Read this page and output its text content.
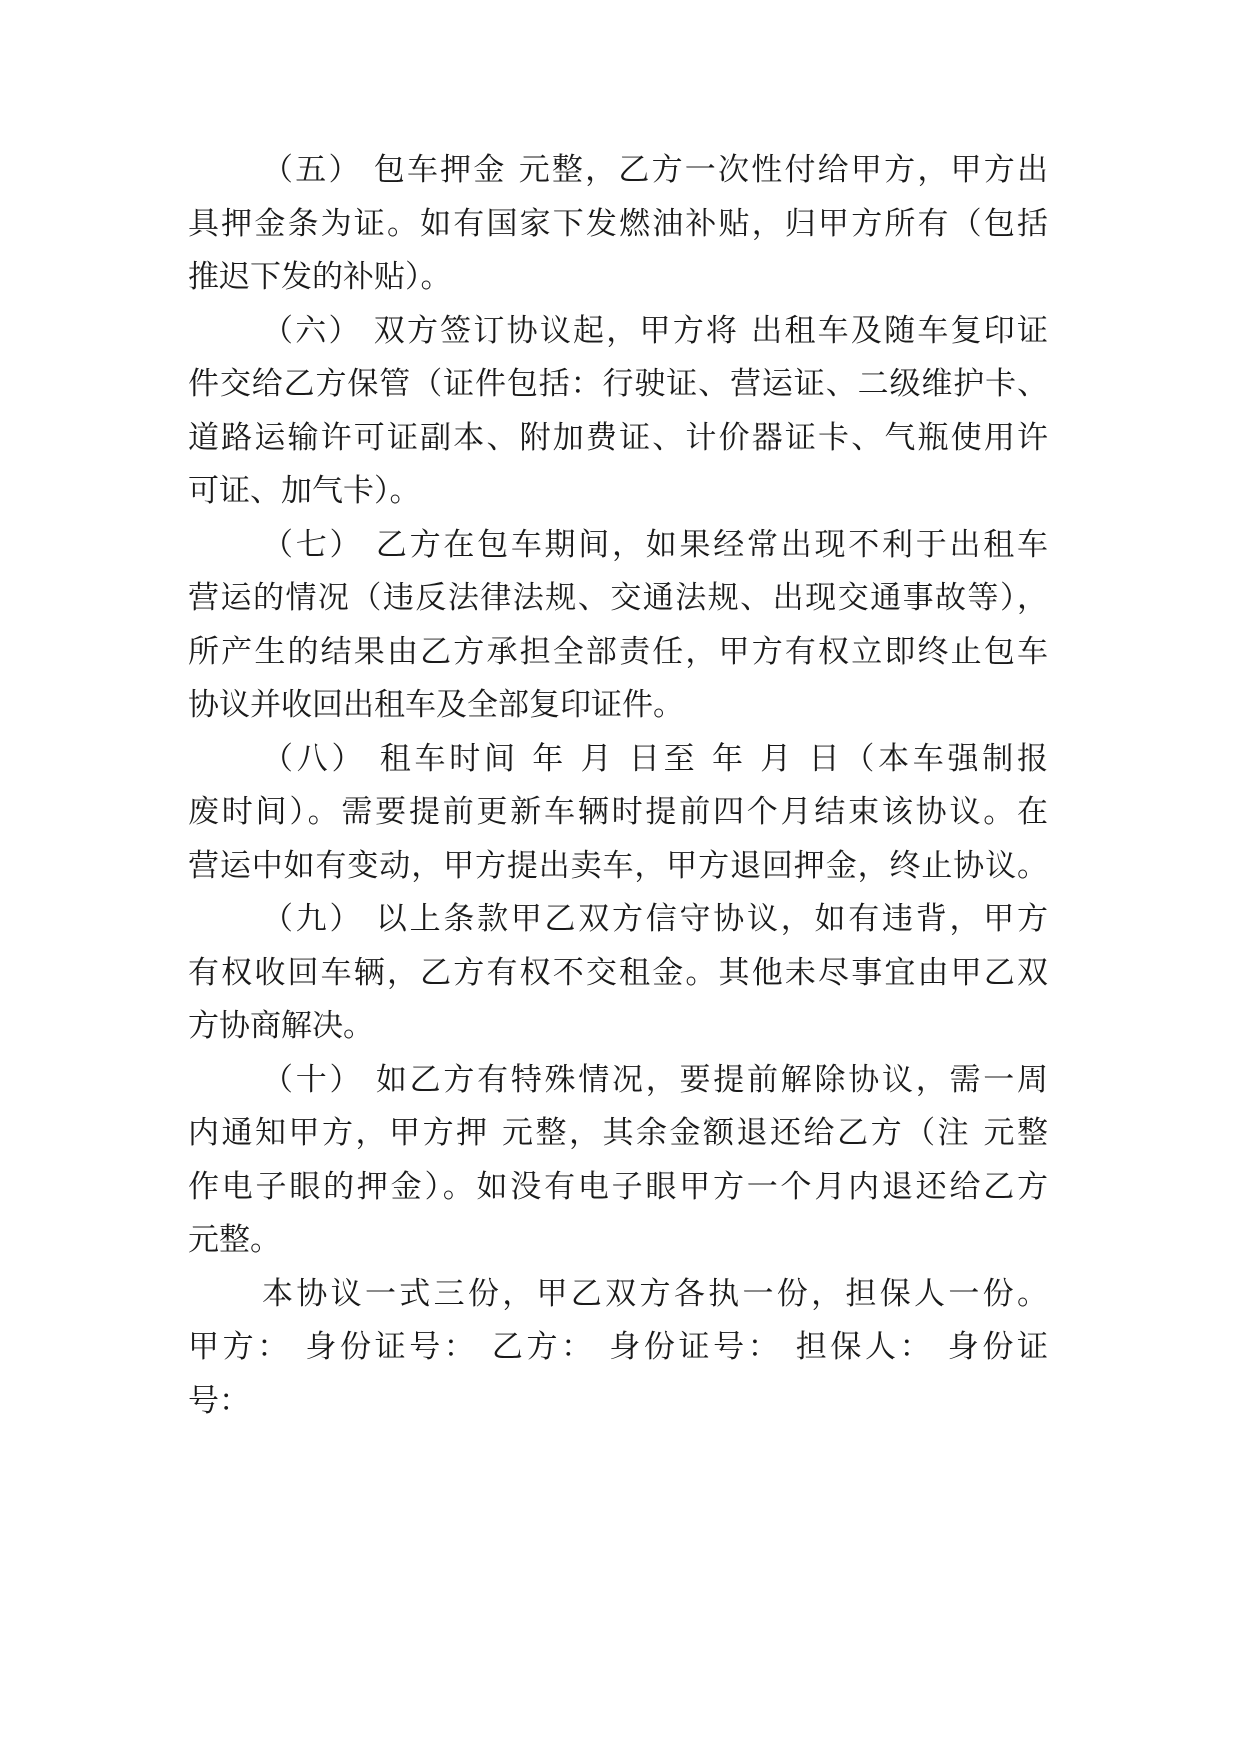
（五） 包车押金 元整，乙方一次性付给甲方，甲方出

具押金条为证。如有国家下发燃油补贴，归甲方所有（包括

推迟下发的补贴）。

（六） 双方签订协议起，甲方将 出租车及随车复印证

件交给乙方保管（证件包括：行驶证、营运证、二级维护卡、

道路运输许可证副本、附加费证、计价器证卡、气瓶使用许

可证、加气卡）。

（七） 乙方在包车期间，如果经常出现不利于出租车

营运的情况（违反法律法规、交通法规、出现交通事故等），

所产生的结果由乙方承担全部责任，甲方有权立即终止包车

协议并收回出租车及全部复印证件。

（八） 租车时间 年 月 日至 年 月 日（本车强制报

废时间）。需要提前更新车辆时提前四个月结束该协议。在

营运中如有变动，甲方提出卖车，甲方退回押金，终止协议。

（九） 以上条款甲乙双方信守协议，如有违背，甲方

有权收回车辆，乙方有权不交租金。其他未尽事宜由甲乙双

方协商解决。

（十） 如乙方有特殊情况，要提前解除协议，需一周

内通知甲方，甲方押 元整，其余金额退还给乙方（注 元整

作电子眼的押金）。如没有电子眼甲方一个月内退还给乙方

元整。

本协议一式三份，甲乙双方各执一份，担保人一份。

甲方： 身份证号： 乙方： 身份证号： 担保人： 身份证

号：
